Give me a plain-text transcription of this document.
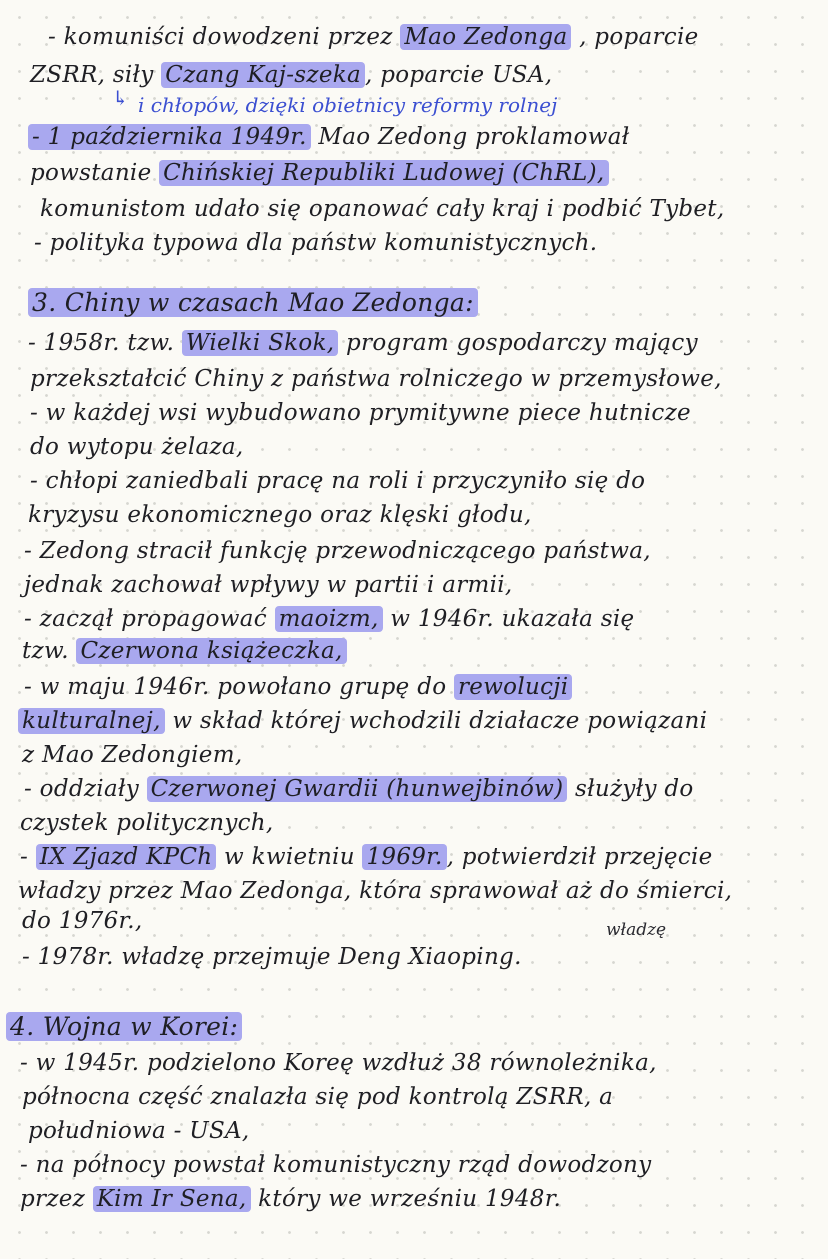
- komuniści dowodzeni przez Mao Zedonga , poparcie
ZSRR, siły Czang Kaj-szeka , poparcie USA,
↳ i chłopów, dzięki obietnicy reformy rolnej
- 1 października 1949r. Mao Zedong proklamował
powstanie Chińskiej Republiki Ludowej (ChRL),
komunistom udało się opanować cały kraj i podbić Tybet,
- polityka typowa dla państw komunistycznych.
3. Chiny w czasach Mao Zedonga:
- 1958r. tzw. Wielki Skok, program gospodarczy mający
przekształcić Chiny z państwa rolniczego w przemysłowe,
- w każdej wsi wybudowano prymitywne piece hutnicze
do wytopu żelaza,
- chłopi zaniedbali pracę na roli i przyczyniło się do
kryzysu ekonomicznego oraz klęski głodu,
- Zedong stracił funkcję przewodniczącego państwa,
jednak zachował wpływy w partii i armii,
- zaczął propagować maoizm, w 1946r. ukazała się
tzw. Czerwona książeczka,
- w maju 1946r. powołano grupę do rewolucji
kulturalnej, w skład której wchodzili działacze powiązani
z Mao Zedongiem,
- oddziały Czerwonej Gwardii (hunwejbinów) służyły do
czystek politycznych,
- IX Zjazd KPCh w kwietniu 1969r. , potwierdził przejęcie
władzy przez Mao Zedonga, która sprawował aż do śmierci,
do 1976r.,	władzę
- 1978r. władzę przejmuje Deng Xiaoping.
4. Wojna w Korei:
- w 1945r. podzielono Koreę wzdłuż 38 równoleżnika,
północna część znalazła się pod kontrolą ZSRR, a
południowa - USA,
- na północy powstał komunistyczny rząd dowodzony
przez Kim Ir Sena, który we wrześniu 1948r.
